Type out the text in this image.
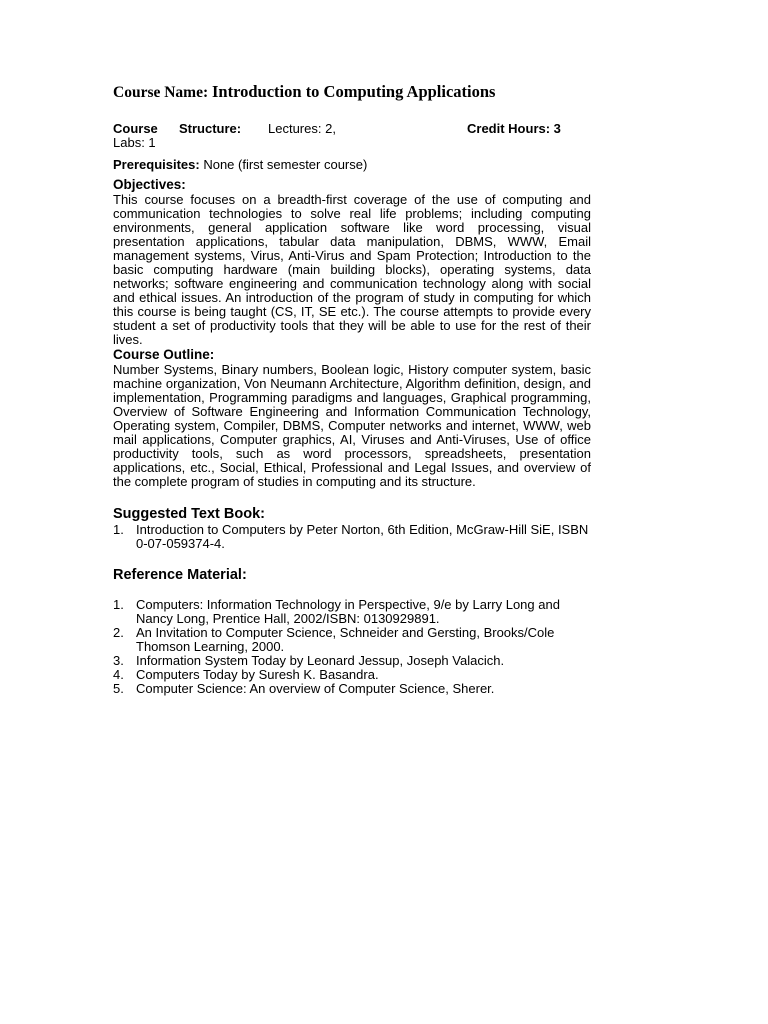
Course Name: Introduction to Computing Applications
Course Structure: Lectures: 2,	Credit Hours: 3
Labs: 1

Prerequisites: None (first semester course)

Objectives:
This course focuses on a breadth-first coverage of the use of computing and communication technologies to solve real life problems; including computing environments, general application software like word processing, visual presentation applications, tabular data manipulation, DBMS, WWW, Email management systems, Virus, Anti-Virus and Spam Protection; Introduction to the basic computing hardware (main building blocks), operating systems, data networks; software engineering and communication technology along with social and ethical issues. An introduction of the program of study in computing for which this course is being taught (CS, IT, SE etc.). The course attempts to provide every student a set of productivity tools that they will be able to use for the rest of their lives.
Course Outline:
Number Systems, Binary numbers, Boolean logic, History computer system, basic machine organization, Von Neumann Architecture, Algorithm definition, design, and implementation, Programming paradigms and languages, Graphical programming, Overview of Software Engineering and Information Communication Technology, Operating system, Compiler, DBMS, Computer networks and internet, WWW, web mail applications, Computer graphics, AI, Viruses and Anti-Viruses, Use of office productivity tools, such as word processors, spreadsheets, presentation applications, etc., Social, Ethical, Professional and Legal Issues, and overview of the complete program of studies in computing and its structure.
Suggested Text Book:
1. Introduction to Computers by Peter Norton, 6th Edition, McGraw-Hill SiE, ISBN 0-07-059374-4.
Reference Material:
1. Computers: Information Technology in Perspective, 9/e by Larry Long and Nancy Long, Prentice Hall, 2002/ISBN: 0130929891.
2. An Invitation to Computer Science, Schneider and Gersting, Brooks/Cole Thomson Learning, 2000.
3. Information System Today by Leonard Jessup, Joseph Valacich.
4. Computers Today by Suresh K. Basandra.
5. Computer Science: An overview of Computer Science, Sherer.
